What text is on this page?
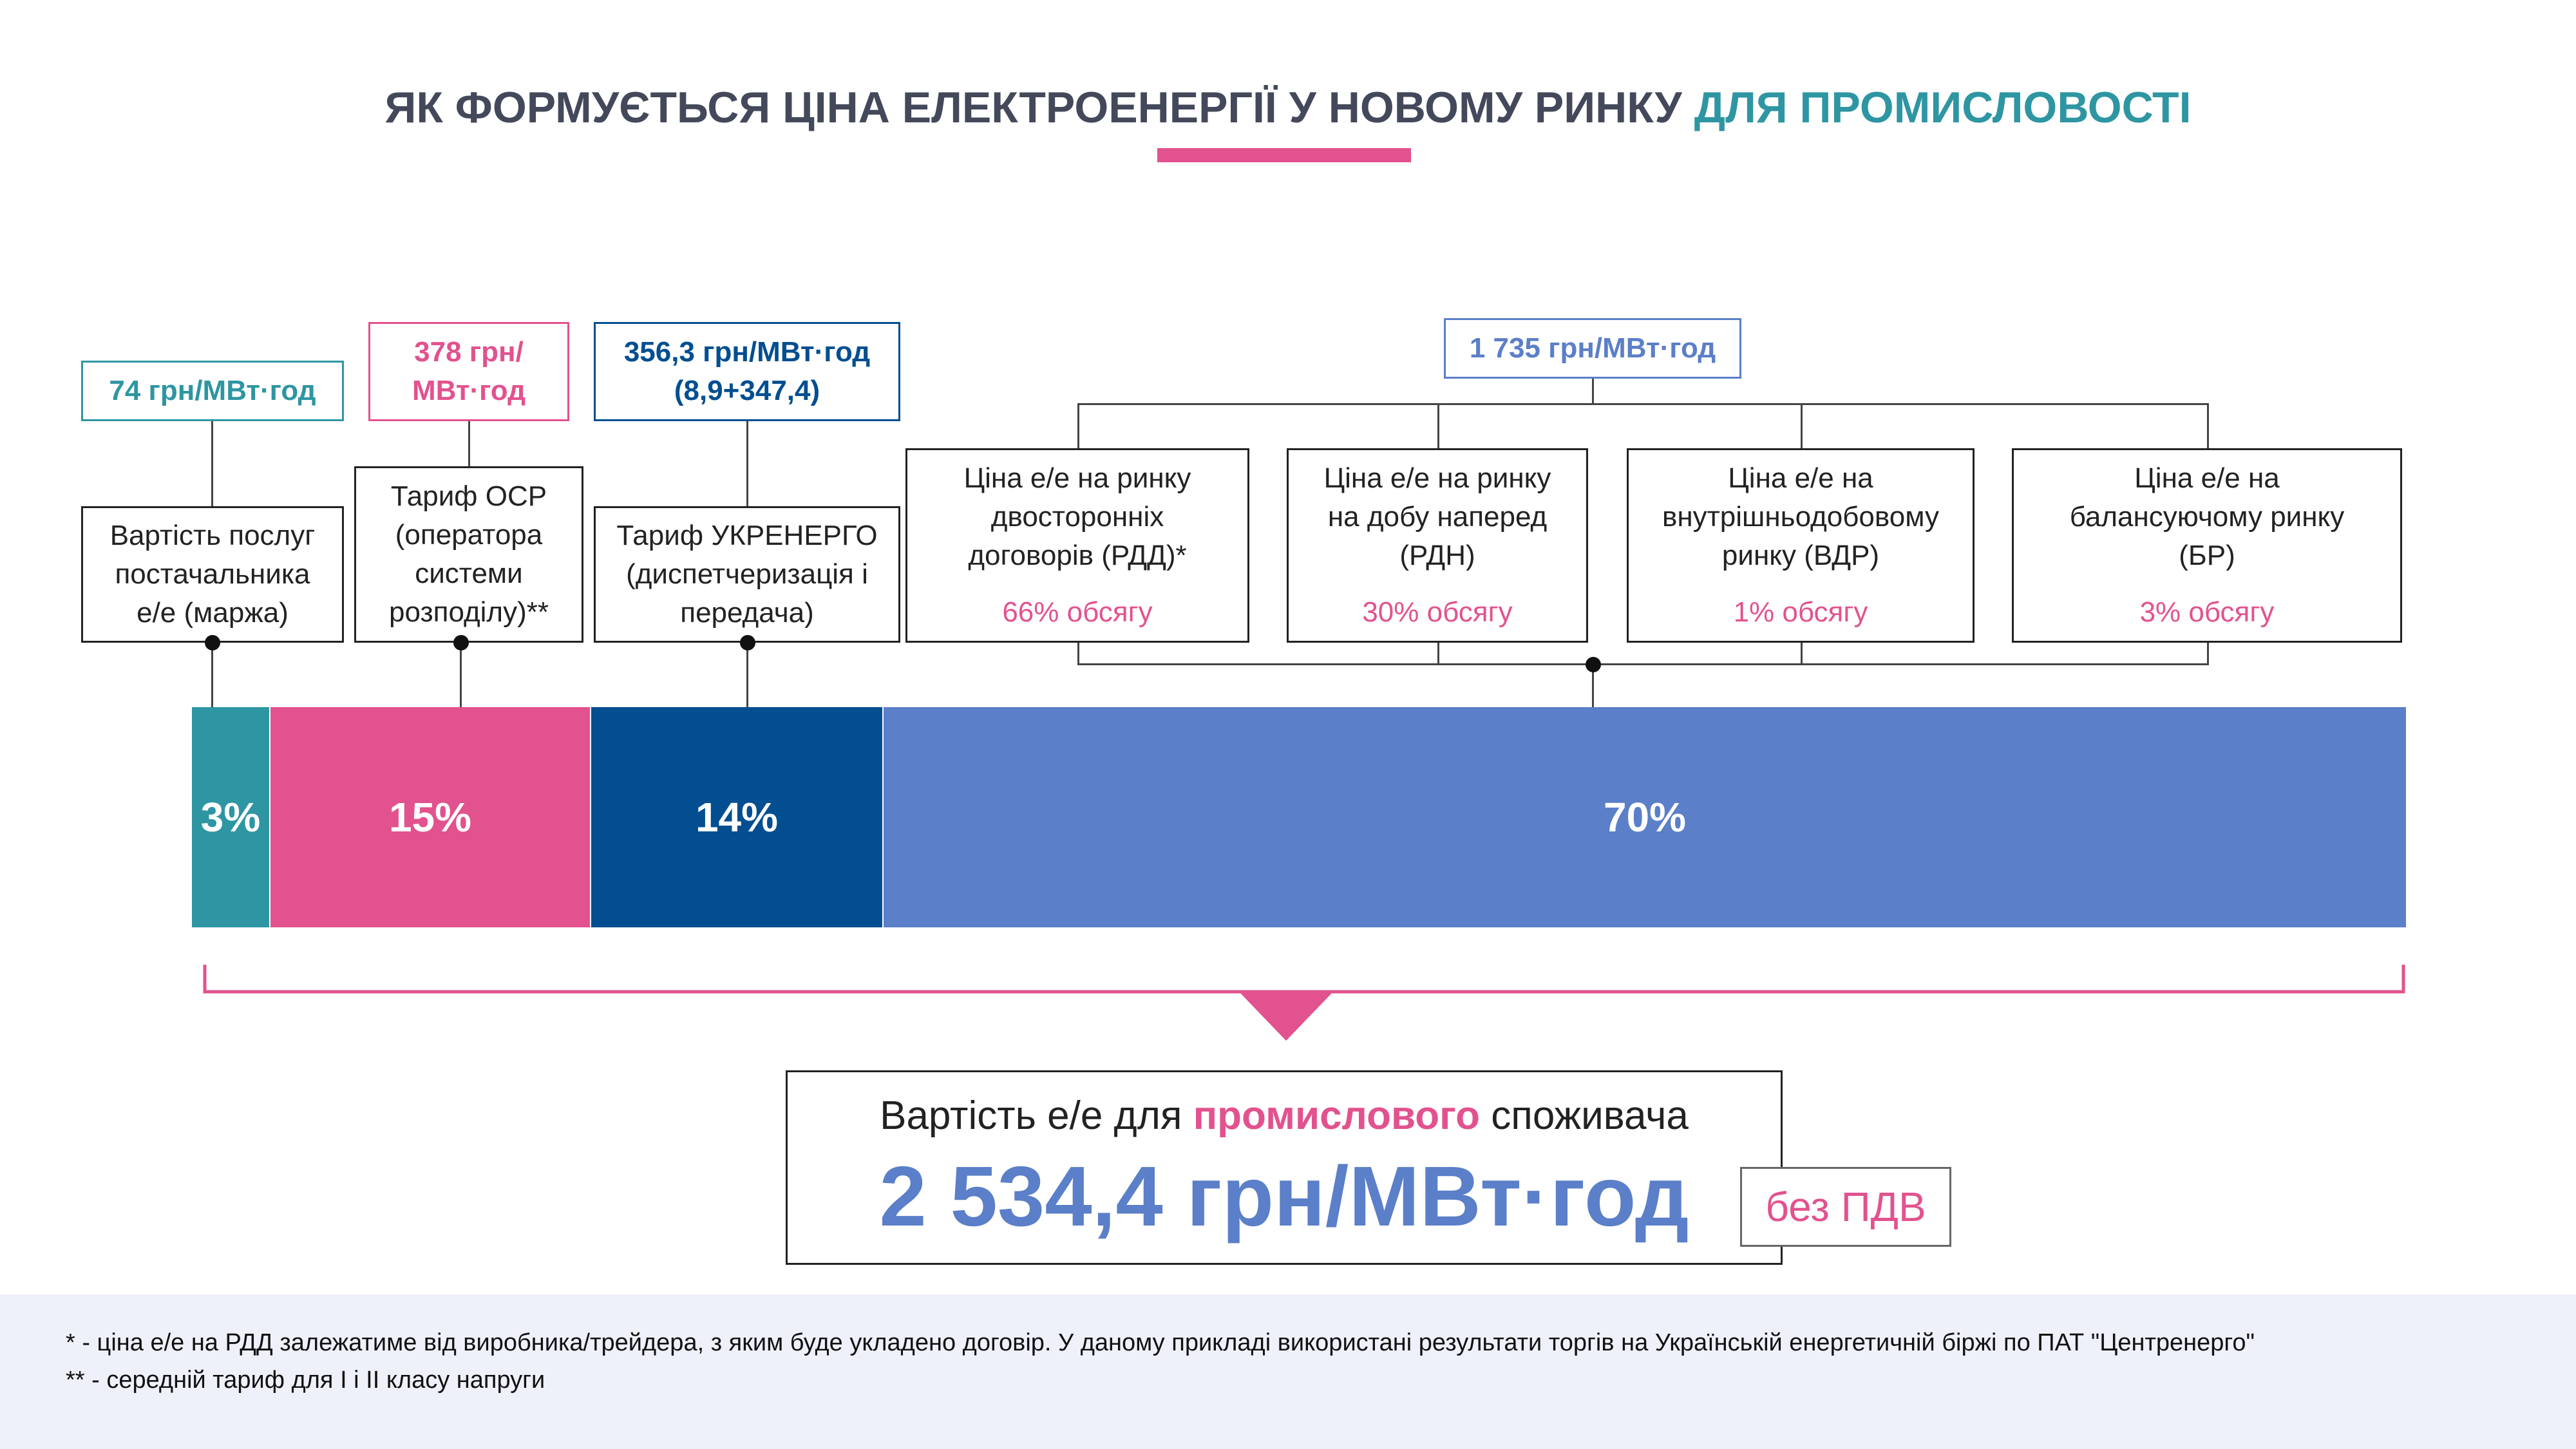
ЯК ФОРМУЄТЬСЯ ЦІНА ЕЛЕКТРОЕНЕРГІЇ У НОВОМУ РИНКУ ДЛЯ ПРОМИСЛОВОСТІ
74 грн/МВт·год
378 грн/
МВт·год
356,3 грн/МВт·год
(8,9+347,4)
1 735 грн/МВт·год
Вартість послуг
постачальника
е/е (маржа)
Тариф ОСР
(оператора
системи
розподілу)**
Тариф УКРЕНЕРГО
(диспетчеризація і
передача)
Ціна е/е на ринку
двосторонніх
договорів (РДД)*
66% обсягу
Ціна е/е на ринку
на добу наперед
(РДН)
30% обсягу
Ціна е/е на
внутрішньодобовому
ринку (ВДР)
1% обсягу
Ціна е/е на
балансуючому ринку
(БР)
3% обсягу
3%	15%	14%	70%
Вартість е/е для промислового споживача
2 534,4 грн/МВт·год без ПДВ
* - ціна е/е на РДД залежатиме від виробника/трейдера, з яким буде укладено договір. У даному прикладі використані результати торгів на Українській енергетичній біржі по ПАТ "Центренерго"
** - середній тариф для І і ІІ класу напруги
